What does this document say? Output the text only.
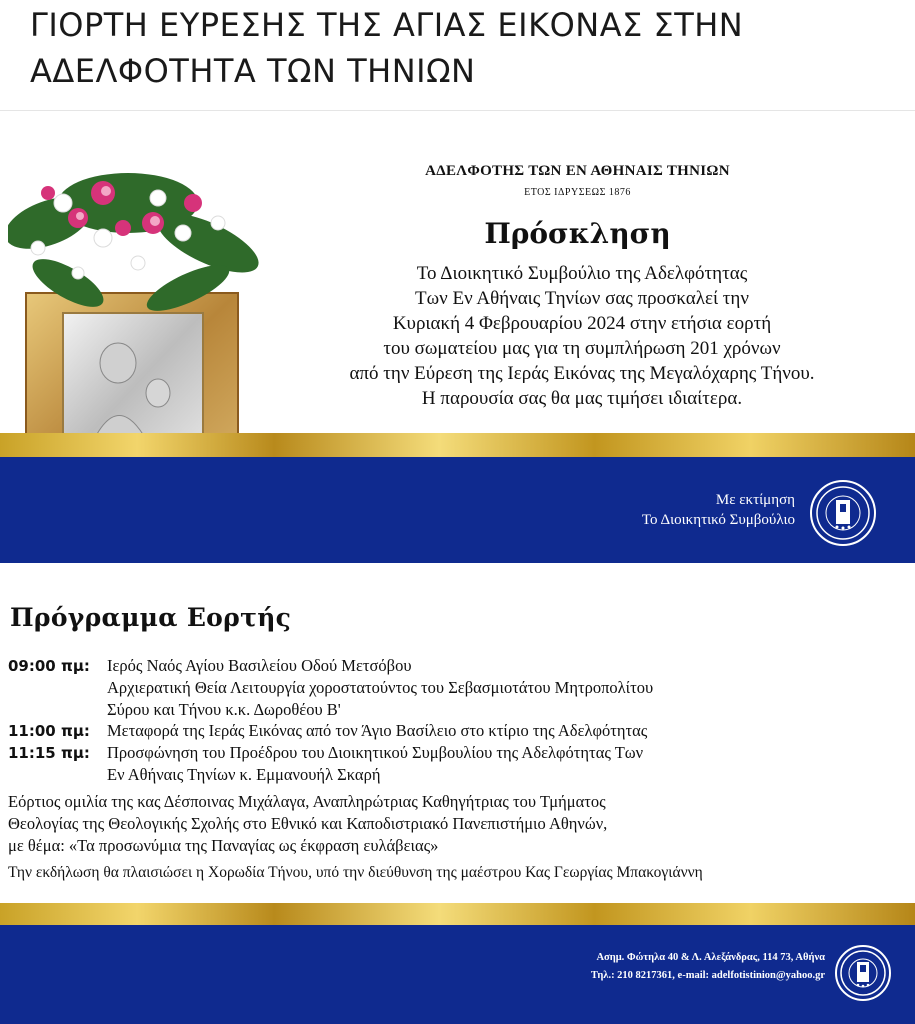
ΓΙΟΡΤΗ ΕΥΡΕΣΗΣ ΤΗΣ ΑΓΙΑΣ ΕΙΚΟΝΑΣ ΣΤΗΝ
ΑΔΕΛΦΟΤΗΤΑ ΤΩΝ ΤΗΝΙΩΝ
ΑΔΕΛΦΟΤΗΣ ΤΩΝ ΕΝ ΑΘΗΝΑΙΣ ΤΗΝΙΩΝ
ΕΤΟΣ ΙΔΡΥΣΕΩΣ 1876
Πρόσκληση
Το Διοικητικό Συμβούλιο της Αδελφότητας
Των Εν Αθήναις Τηνίων σας προσκαλεί την
Κυριακή 4 Φεβρουαρίου 2024 στην ετήσια εορτή
του σωματείου μας για τη συμπλήρωση 201 χρόνων
από την Εύρεση της Ιεράς Εικόνας της Μεγαλόχαρης Τήνου.
Η παρουσία σας θα μας τιμήσει ιδιαίτερα.
Με εκτίμηση
Το Διοικητικό Συμβούλιο
Πρόγραμμα Εορτής
09:00 πμ: Ιερός Ναός Αγίου Βασιλείου Οδού Μετσόβου
Αρχιερατική Θεία Λειτουργία χοροστατούντος του Σεβασμιοτάτου Μητροπολίτου
Σύρου και Τήνου κ.κ. Δωροθέου Β'
11:00 πμ: Μεταφορά της Ιεράς Εικόνας από τον Άγιο Βασίλειο στο κτίριο της Αδελφότητας
11:15 πμ: Προσφώνηση του Προέδρου του Διοικητικού Συμβουλίου της Αδελφότητας Των
Εν Αθήναις Τηνίων κ. Εμμανουήλ Σκαρή
Εόρτιος ομιλία της κας Δέσποινας Μιχάλαγα, Αναπληρώτριας Καθηγήτριας του Τμήματος
Θεολογίας της Θεολογικής Σχολής στο Εθνικό και Καποδιστριακό Πανεπιστήμιο Αθηνών,
με θέμα: «Τα προσωνύμια της Παναγίας ως έκφραση ευλάβειας»
Την εκδήλωση θα πλαισιώσει η Χορωδία Τήνου, υπό την διεύθυνση της μαέστρου Κας Γεωργίας Μπακογιάννη
Ασημ. Φώτηλα 40 & Λ. Αλεξάνδρας, 114 73, Αθήνα
Τηλ.: 210 8217361, e-mail: adelfotistinion@yahoo.gr
